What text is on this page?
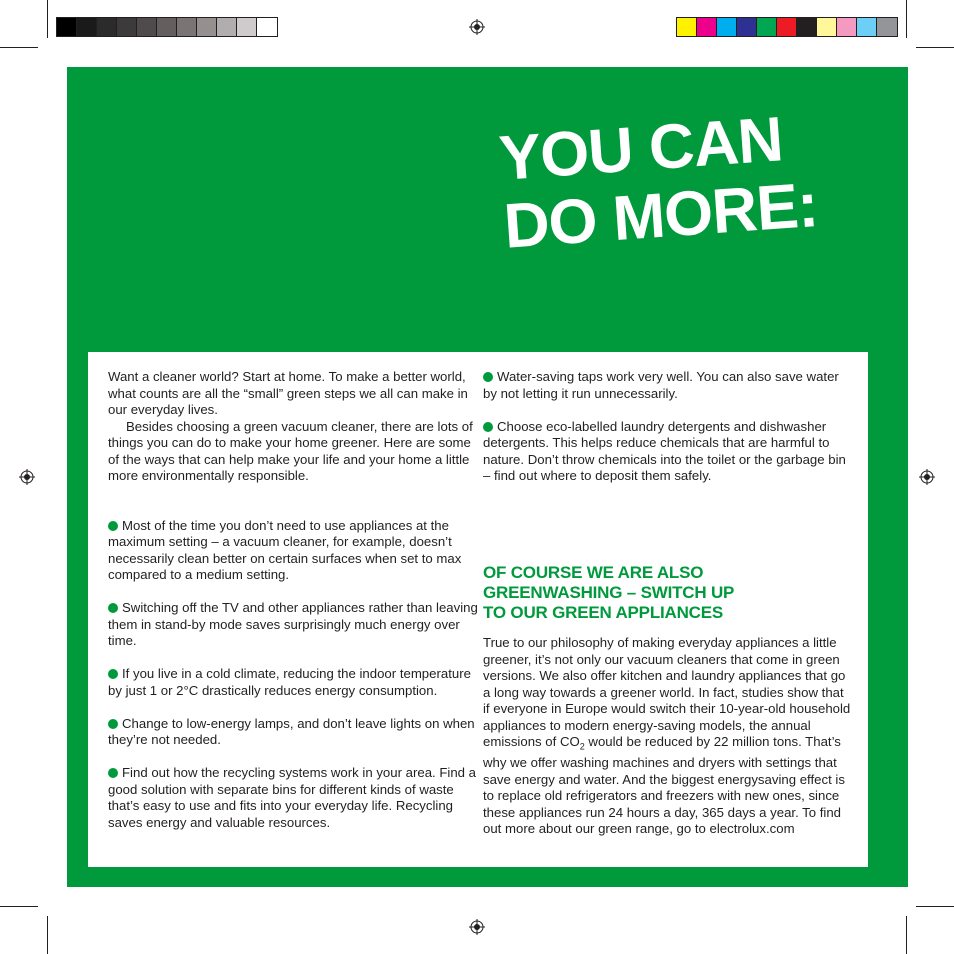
YOU CAN
DO MORE:

Want a cleaner world? Start at home. To make a better world, what counts are all the “small” green steps we all can make in our everyday lives.

Besides choosing a green vacuum cleaner, there are lots of things you can do to make your home greener. Here are some of the ways that can help make your life and your home a little more environmentally responsible.

Most of the time you don’t need to use appliances at the maximum setting – a vacuum cleaner, for example, doesn’t necessarily clean better on certain surfaces when set to max compared to a medium setting.
Switching off the TV and other appliances rather than leaving them in stand-by mode saves surprisingly much energy over time.
If you live in a cold climate, reducing the indoor temperature by just 1 or 2°C drastically reduces energy consumption.
Change to low-energy lamps, and don’t leave lights on when they’re not needed.
Find out how the recycling systems work in your area. Find a good solution with separate bins for different kinds of waste that’s easy to use and fits into your everyday life. Recycling saves energy and valuable resources.
Water-saving taps work very well. You can also save water by not letting it run unnecessarily.
Choose eco-labelled laundry detergents and dishwasher detergents. This helps reduce chemicals that are harmful to nature. Don’t throw chemicals into the toilet or the garbage bin – find out where to deposit them safely.
OF COURSE WE ARE ALSO
GREENWASHING – SWITCH UP
TO OUR GREEN APPLIANCES

True to our philosophy of making everyday appliances a little greener, it’s not only our vacuum cleaners that come in green versions. We also offer kitchen and laundry appliances that go a long way towards a greener world. In fact, studies show that if everyone in Europe would switch their 10-year-old household appliances to modern energy-saving models, the annual emissions of $CO_2$ would be reduced by 22 million tons. That’s why we offer washing machines and dryers with settings that save energy and water. And the biggest energysaving effect is to replace old refrigerators and freezers with new ones, since these appliances run 24 hours a day, 365 days a year. To find out more about our green range, go to electrolux.com
